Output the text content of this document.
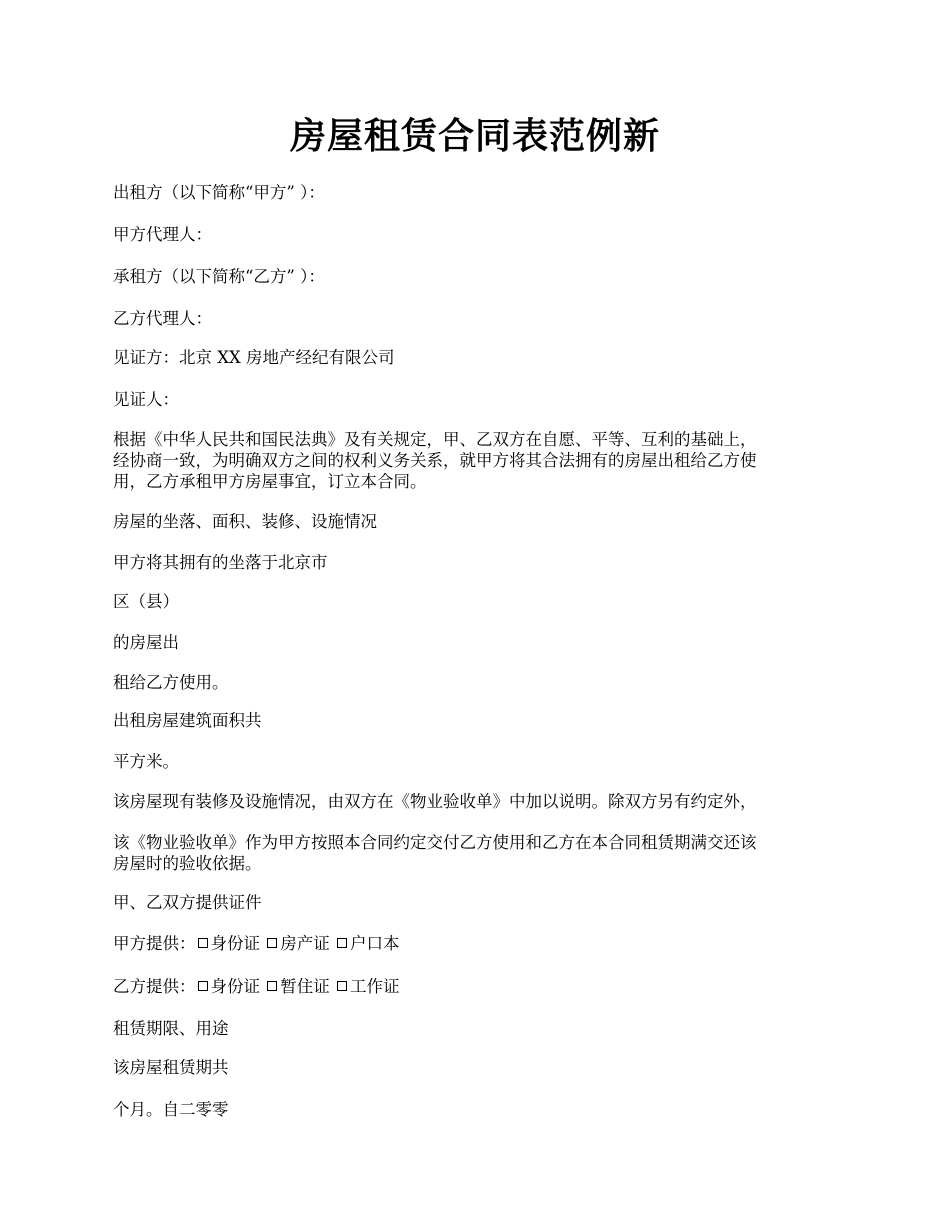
房屋租赁合同表范例新

出租方（以下简称“甲方” ）：

甲方代理人：

承租方（以下简称“乙方” ）：

乙方代理人：

见证方：北京 XX 房地产经纪有限公司

见证人：

根据《中华人民共和国民法典》及有关规定，甲、乙双方在自愿、平等、互利的基础上，
经协商一致，为明确双方之间的权利义务关系，就甲方将其合法拥有的房屋出租给乙方使
用，乙方承租甲方房屋事宜，订立本合同。

房屋的坐落、面积、装修、设施情况

甲方将其拥有的坐落于北京市

区（县）

的房屋出

租给乙方使用。

出租房屋建筑面积共

平方米。

该房屋现有装修及设施情况，由双方在《物业验收单》中加以说明。除双方另有约定外，

该《物业验收单》作为甲方按照本合同约定交付乙方使用和乙方在本合同租赁期满交还该
房屋时的验收依据。

甲、乙双方提供证件

甲方提供： 身份证 房产证 户口本
乙方提供： 身份证 暂住证 工作证

租赁期限、用途

该房屋租赁期共

个月。自二零零
